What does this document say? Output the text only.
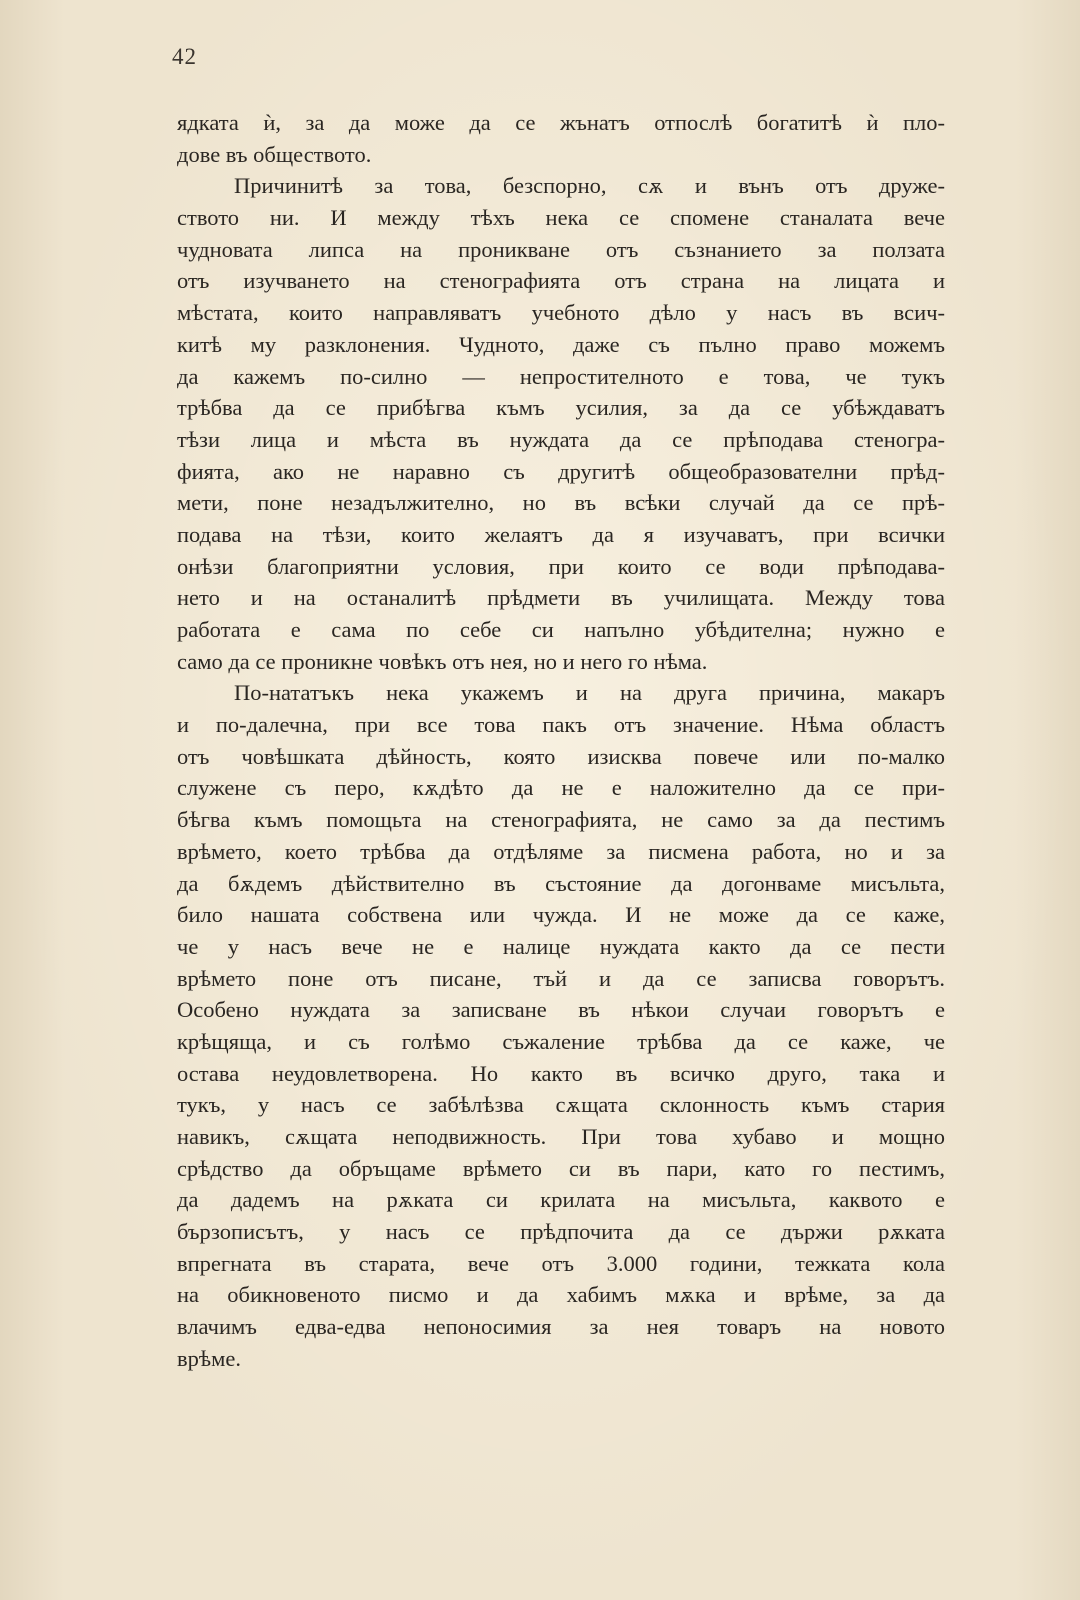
42
ядката ѝ, за да може да се жънатъ отпослѣ богатитѣ ѝ пло-
дове въ обществото.
Причинитѣ за това, безспорно, сѫ и вънъ отъ друже-
ството ни. И между тѣхъ нека се спомене станалата вече
чудновата липса на проникване отъ съзнанието за ползата
отъ изучването на стенографията отъ страна на лицата и
мѣстата, които направляватъ учебното дѣло у насъ въ всич-
китѣ му разклонения. Чудното, даже съ пълно право можемъ
да кажемъ по-силно — непростителното е това, че тукъ
трѣбва да се прибѣгва къмъ усилия, за да се убѣждаватъ
тѣзи лица и мѣста въ нуждата да се прѣподава стеногра-
фията, ако не наравно съ другитѣ общеобразователни прѣд-
мети, поне незадължително, но въ всѣки случай да се прѣ-
подава на тѣзи, които желаятъ да я изучаватъ, при всички
онѣзи благоприятни условия, при които се води прѣподава-
нето и на останалитѣ прѣдмети въ училищата. Между това
работата е сама по себе си напълно убѣдителна; нужно е
само да се проникне човѣкъ отъ нея, но и него го нѣма.
По-нататъкъ нека укажемъ и на друга причина, макаръ
и по-далечна, при все това пакъ отъ значение. Нѣма областъ
отъ човѣшката дѣйность, която изисква повече или по-малко
служене съ перо, кѫдѣто да не е наложително да се при-
бѣгва къмъ помощьта на стенографията, не само за да пестимъ
врѣмето, което трѣбва да отдѣляме за писмена работа, но и за
да бѫдемъ дѣйствително въ състояние да догонваме мисъльта,
било нашата собствена или чужда. И не може да се каже,
че у насъ вече не е налице нуждата както да се пести
врѣмето поне отъ писане, тъй и да се записва говорътъ.
Особено нуждата за записване въ нѣкои случаи говорътъ е
крѣщяща, и съ голѣмо съжаление трѣбва да се каже, че
остава неудовлетворена. Но както въ всичко друго, така и
тукъ, у насъ се забѣлѣзва сѫщата склонность къмъ стария
навикъ, сѫщата неподвижность. При това хубаво и мощно
срѣдство да обръщаме врѣмето си въ пари, като го пестимъ,
да дадемъ на рѫката си крилата на мисъльта, каквото е
бързописътъ, у насъ се прѣдпочита да се държи рѫката
впрегната въ старата, вече отъ 3.000 години, тежката кола
на обикновеното писмо и да хабимъ мѫка и врѣме, за да
влачимъ едва-едва непоносимия за нея товаръ на новото
врѣме.
